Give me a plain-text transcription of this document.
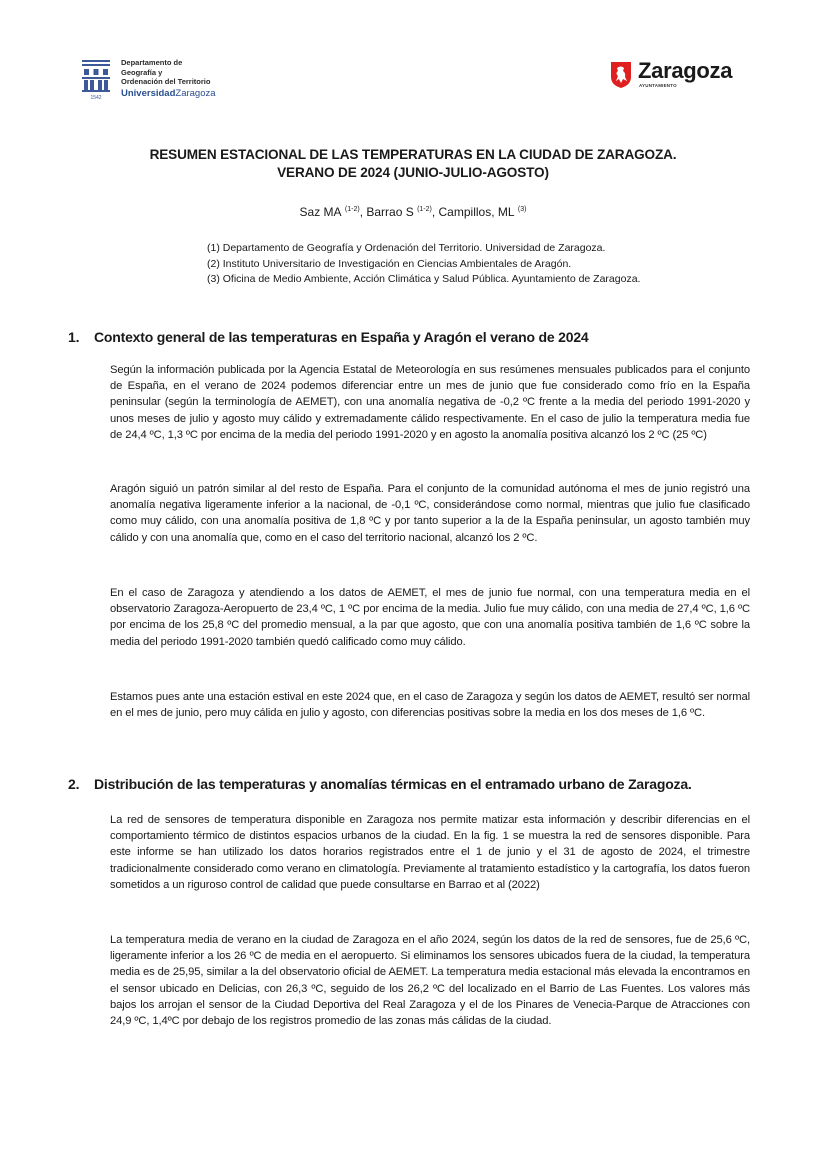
1542
Departamento de
Geografía y
Ordenación del Territorio
UniversidadZaragoza
Zaragoza
AYUNTAMIENTO
RESUMEN ESTACIONAL DE LAS TEMPERATURAS EN LA CIUDAD DE ZARAGOZA.
VERANO DE 2024 (JUNIO-JULIO-AGOSTO)
Saz MA $^{(1-2)}$, Barrao S $^{(1-2)}$, Campillos, ML $^{(3)}$
(1) Departamento de Geografía y Ordenación del Territorio. Universidad de Zaragoza.
(2) Instituto Universitario de Investigación en Ciencias Ambientales de Aragón.
(3) Oficina de Medio Ambiente, Acción Climática y Salud Pública. Ayuntamiento de Zaragoza.
1. Contexto general de las temperaturas en España y Aragón el verano de 2024

Según la información publicada por la Agencia Estatal de Meteorología en sus resúmenes mensuales publicados para el conjunto de España, en el verano de 2024 podemos diferenciar entre un mes de junio que fue considerado como frío en la España peninsular (según la terminología de AEMET), con una anomalía negativa de -0,2 ºC frente a la media del periodo 1991-2020 y unos meses de julio y agosto muy cálido y extremadamente cálido respectivamente. En el caso de julio la temperatura media fue de 24,4 ºC, 1,3 ºC por encima de la media del periodo 1991-2020 y en agosto la anomalía positiva alcanzó los 2 ºC (25 ºC)

Aragón siguió un patrón similar al del resto de España. Para el conjunto de la comunidad autónoma el mes de junio registró una anomalía negativa ligeramente inferior a la nacional, de -0,1 ºC, considerándose como normal, mientras que julio fue clasificado como muy cálido, con una anomalía positiva de 1,8 ºC y por tanto superior a la de la España peninsular, un agosto también muy cálido y con una anomalía que, como en el caso del territorio nacional, alcanzó los 2 ºC.

En el caso de Zaragoza y atendiendo a los datos de AEMET, el mes de junio fue normal, con una temperatura media en el observatorio Zaragoza-Aeropuerto de 23,4 ºC, 1 ºC por encima de la media. Julio fue muy cálido, con una media de 27,4 ºC, 1,6 ºC por encima de los 25,8 ºC del promedio mensual, a la par que agosto, que con una anomalía positiva también de 1,6 ºC sobre la media del periodo 1991-2020 también quedó calificado como muy cálido.

Estamos pues ante una estación estival en este 2024 que, en el caso de Zaragoza y según los datos de AEMET, resultó ser normal en el mes de junio, pero muy cálida en julio y agosto, con diferencias positivas sobre la media en los dos meses de 1,6 ºC.

2. Distribución de las temperaturas y anomalías térmicas en el entramado urbano de Zaragoza.

La red de sensores de temperatura disponible en Zaragoza nos permite matizar esta información y describir diferencias en el comportamiento térmico de distintos espacios urbanos de la ciudad. En la fig. 1 se muestra la red de sensores disponible. Para este informe se han utilizado los datos horarios registrados entre el 1 de junio y el 31 de agosto de 2024, el trimestre tradicionalmente considerado como verano en climatología. Previamente al tratamiento estadístico y la cartografía, los datos fueron sometidos a un riguroso control de calidad que puede consultarse en Barrao et al (2022)

La temperatura media de verano en la ciudad de Zaragoza en el año 2024, según los datos de la red de sensores, fue de 25,6 ºC, ligeramente inferior a los 26 ºC de media en el aeropuerto. Si eliminamos los sensores ubicados fuera de la ciudad, la temperatura media es de 25,95, similar a la del observatorio oficial de AEMET. La temperatura media estacional más elevada la encontramos en el sensor ubicado en Delicias, con 26,3 ºC, seguido de los 26,2 ºC del localizado en el Barrio de Las Fuentes. Los valores más bajos los arrojan el sensor de la Ciudad Deportiva del Real Zaragoza y el de los Pinares de Venecia-Parque de Atracciones con 24,9 ºC, 1,4ºC por debajo de los registros promedio de las zonas más cálidas de la ciudad.
